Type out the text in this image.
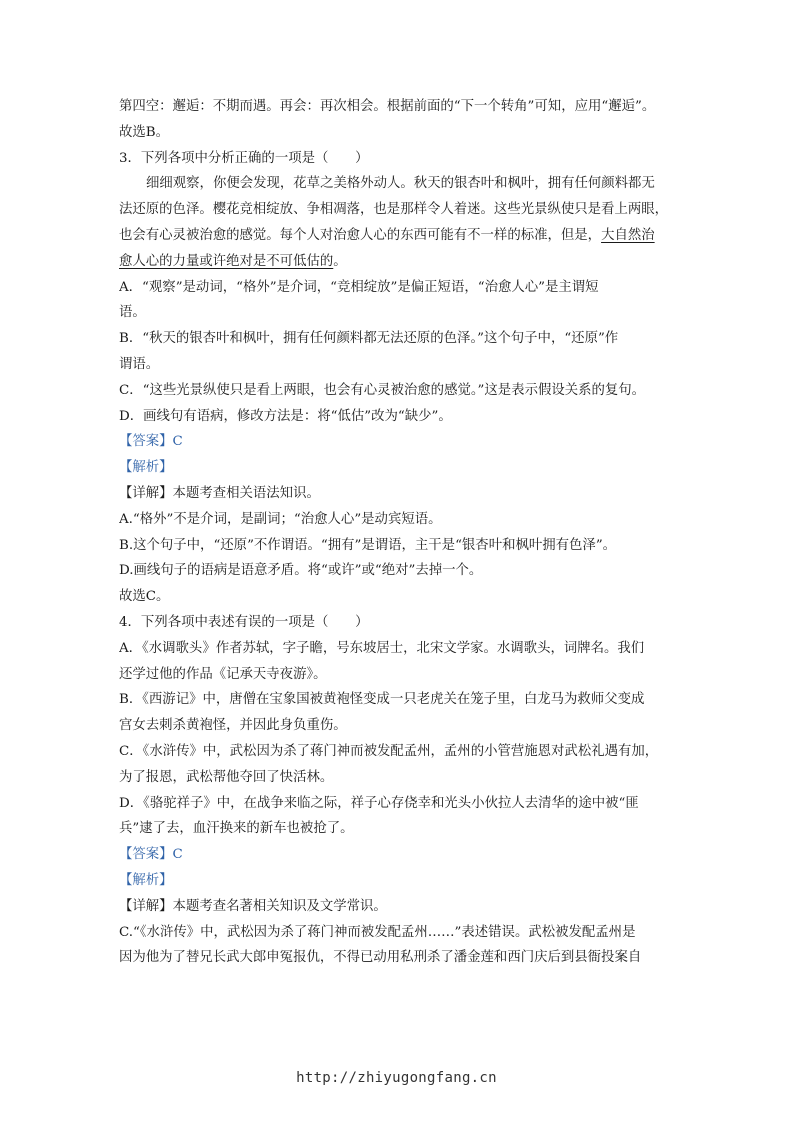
第四空：邂逅：不期而遇。再会：再次相会。根据前面的“下一个转角”可知，应用“邂逅”。
故选B。
3．下列各项中分析正确的一项是（　　）
细细观察，你便会发现，花草之美格外动人。秋天的银杏叶和枫叶，拥有任何颜料都无
法还原的色泽。樱花竞相绽放、争相凋落，也是那样令人着迷。这些光景纵使只是看上两眼，
也会有心灵被治愈的感觉。每个人对治愈人心的东西可能有不一样的标准，但是，大自然治
愈人心的力量或许绝对是不可低估的。
A．“观察”是动词，“格外”是介词，“竞相绽放”是偏正短语，“治愈人心”是主谓短
语。
B．“秋天的银杏叶和枫叶，拥有任何颜料都无法还原的色泽。”这个句子中，“还原”作
谓语。
C．“这些光景纵使只是看上两眼，也会有心灵被治愈的感觉。”这是表示假设关系的复句。
D．画线句有语病，修改方法是：将“低估”改为“缺少”。
【答案】C
【解析】
【详解】本题考查相关语法知识。
A.“格外”不是介词，是副词；“治愈人心”是动宾短语。
B.这个句子中，“还原”不作谓语。“拥有”是谓语，主干是“银杏叶和枫叶拥有色泽”。
D.画线句子的语病是语意矛盾。将“或许”或“绝对”去掉一个。
故选C。
4．下列各项中表述有误的一项是（　　）
A．《水调歌头》作者苏轼，字子瞻，号东坡居士，北宋文学家。水调歌头，词牌名。我们
还学过他的作品《记承天寺夜游》。
B．《西游记》中，唐僧在宝象国被黄袍怪变成一只老虎关在笼子里，白龙马为救师父变成
宫女去刺杀黄袍怪，并因此身负重伤。
C．《水浒传》中，武松因为杀了蒋门神而被发配孟州，孟州的小管营施恩对武松礼遇有加，
为了报恩，武松帮他夺回了快活林。
D．《骆驼祥子》中，在战争来临之际，祥子心存侥幸和光头小伙拉人去清华的途中被“匪
兵”逮了去，血汗换来的新车也被抢了。
【答案】C
【解析】
【详解】本题考查名著相关知识及文学常识。
C.“《水浒传》中，武松因为杀了蒋门神而被发配孟州……”表述错误。武松被发配孟州是
因为他为了替兄长武大郎申冤报仇，不得已动用私刑杀了潘金莲和西门庆后到县衙投案自
http://zhiyugongfang.cn
